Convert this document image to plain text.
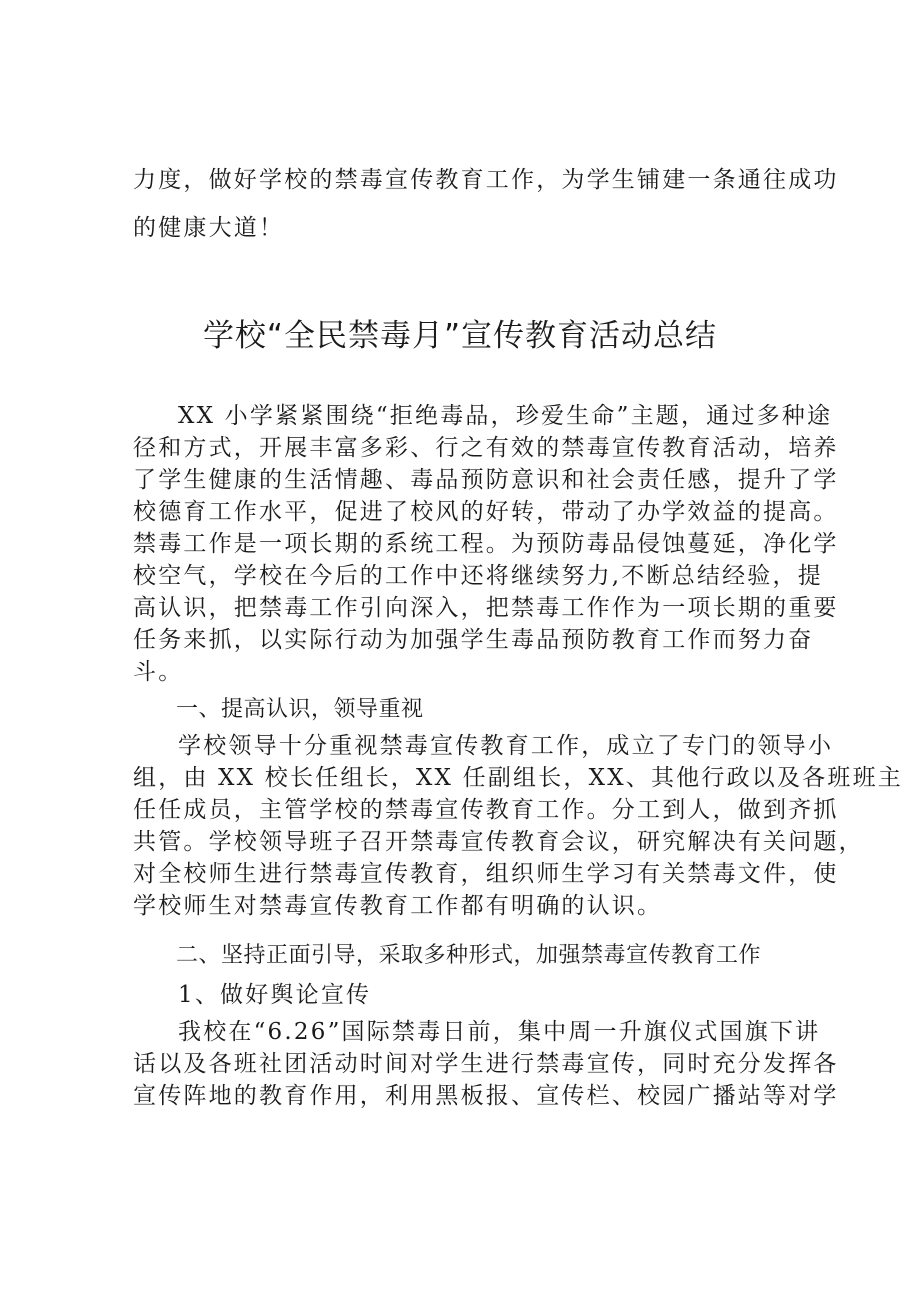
力度，做好学校的禁毒宣传教育工作，为学生铺建一条通往成功
的健康大道！
学校“全民禁毒月”宣传教育活动总结
XX 小学紧紧围绕“拒绝毒品，珍爱生命”主题，通过多种途
径和方式，开展丰富多彩、行之有效的禁毒宣传教育活动，培养
了学生健康的生活情趣、毒品预防意识和社会责任感，提升了学
校德育工作水平，促进了校风的好转，带动了办学效益的提高。
禁毒工作是一项长期的系统工程。为预防毒品侵蚀蔓延，净化学
校空气，学校在今后的工作中还将继续努力,不断总结经验，提
高认识，把禁毒工作引向深入，把禁毒工作作为一项长期的重要
任务来抓，以实际行动为加强学生毒品预防教育工作而努力奋
斗。
一、提高认识，领导重视
学校领导十分重视禁毒宣传教育工作，成立了专门的领导小
组，由 XX 校长任组长，XX 任副组长，XX、其他行政以及各班班主
任任成员，主管学校的禁毒宣传教育工作。分工到人，做到齐抓
共管。学校领导班子召开禁毒宣传教育会议，研究解决有关问题，
对全校师生进行禁毒宣传教育，组织师生学习有关禁毒文件，使
学校师生对禁毒宣传教育工作都有明确的认识。
二、坚持正面引导，采取多种形式，加强禁毒宣传教育工作
1、做好舆论宣传
我校在“6.26”国际禁毒日前，集中周一升旗仪式国旗下讲
话以及各班社团活动时间对学生进行禁毒宣传，同时充分发挥各
宣传阵地的教育作用，利用黑板报、宣传栏、校园广播站等对学
